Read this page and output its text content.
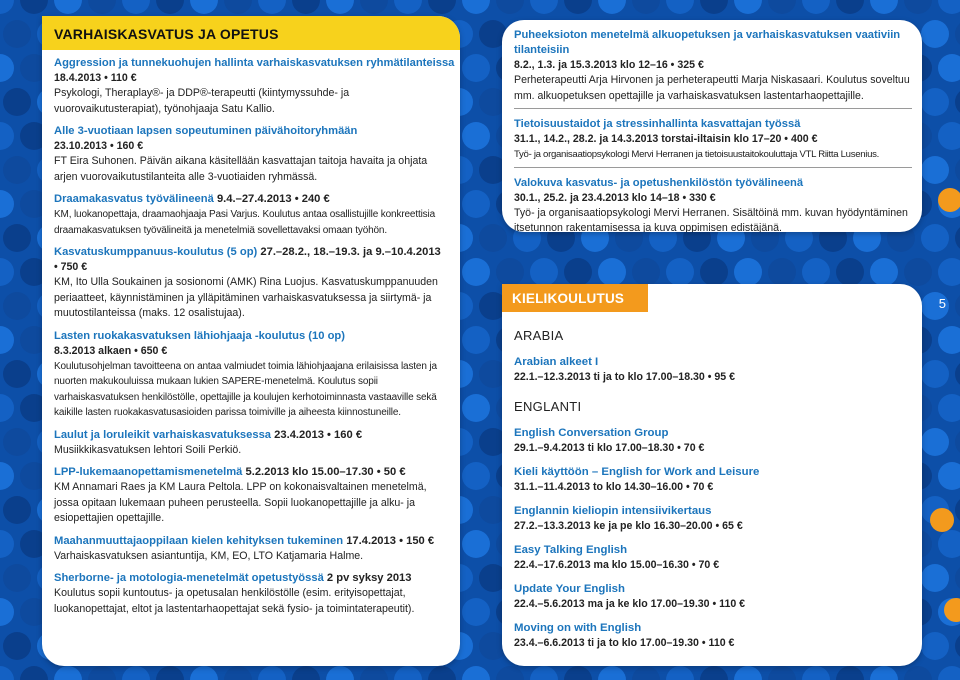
VARHAISKASVATUS JA OPETUS
Aggression ja tunnekuohujen hallinta varhaiskasvatuksen ryhmätilanteissa
18.4.2013 • 110 €
Psykologi, Theraplay®- ja DDP®-terapeutti (kiintymyssuhde- ja vuorovaikutusterapiat), työnohjaaja Satu Kallio.
Alle 3-vuotiaan lapsen sopeutuminen päivähoitoryhmään
23.10.2013 • 160 €
FT Eira Suhonen. Päivän aikana käsitellään kasvattajan taitoja havaita ja ohjata arjen vuorovaikutustilanteita alle 3-vuotiaiden ryhmässä.
Draamakasvatus työvälineenä 9.4.–27.4.2013 • 240 €
KM, luokanopettaja, draamaohjaaja Pasi Varjus. Koulutus antaa osallistujille konkreettisia draamakasvatuksen työvälineitä ja menetelmiä sovellettavaksi omaan työhön.
Kasvatuskumppanuus-koulutus (5 op) 27.–28.2., 18.–19.3. ja 9.–10.4.2013
• 750 €
KM, Ito Ulla Soukainen ja sosionomi (AMK) Rina Luojus. Kasvatuskumppanuuden periaatteet, käynnistäminen ja ylläpitäminen varhaiskasvatuksessa ja siirtymä- ja muutostilanteissa (maks. 12 osalistujaa).
Lasten ruokakasvatuksen lähiohjaaja -koulutus (10 op)
8.3.2013 alkaen • 650 €
Koulutusohjelman tavoitteena on antaa valmiudet toimia lähiohjaajana erilaisissa lasten ja nuorten makukouluissa mukaan lukien SAPERE-menetelmä. Koulutus sopii varhaiskasvatuksen henkilöstölle, opettajille ja koulujen kerhotoiminnasta vastaaville sekä kaikille lasten ruokakasvatusasioiden parissa toimiville ja aiheesta kiinnostuneille.
Laulut ja loruleikit varhaiskasvatuksessa 23.4.2013 • 160 €
Musiikkikasvatuksen lehtori Soili Perkiö.
LPP-lukemaanopettamismenetelmä 5.2.2013 klo 15.00–17.30 • 50 €
KM Annamari Raes ja KM Laura Peltola. LPP on kokonaisvaltainen menetelmä, jossa opitaan lukemaan puheen perusteella. Sopii luokanopettajille ja alku- ja esiopettajien opettajille.
Maahanmuuttajaoppilaan kielen kehityksen tukeminen 17.4.2013 • 150 €
Varhaiskasvatuksen asiantuntija, KM, EO, LTO Katjamaria Halme.
Sherborne- ja motologia-menetelmät opetustyössä 2 pv syksy 2013
Koulutus sopii kuntoutus- ja opetusalan henkilöstölle (esim. erityisopettajat, luokanopettajat, eltot ja lastentarhaopettajat sekä fysio- ja toimintaterapeutit).
Puheeksioton menetelmä alkuopetuksen ja varhaiskasvatuksen vaativiin tilanteisiin
8.2., 1.3. ja 15.3.2013 klo 12–16 • 325 €
Perheterapeutti Arja Hirvonen ja perheterapeutti Marja Niskasaari. Koulutus soveltuu mm. alkuopetuksen opettajille ja varhaiskasvatuksen lastentarhaopettajille.
Tietoisuustaidot ja stressinhallinta kasvattajan työssä
31.1., 14.2., 28.2. ja 14.3.2013 torstai-iltaisin klo 17–20 • 400 €
Työ- ja organisaatiopsykologi Mervi Herranen ja tietoisuustaitokouluttaja VTL Riitta Lusenius.
Valokuva kasvatus- ja opetushenkilöstön työvälineenä
30.1., 25.2. ja 23.4.2013 klo 14–18 • 330 €
Työ- ja organisaatiopsykologi Mervi Herranen. Sisältöinä mm. kuvan hyödyntäminen itsetunnon rakentamisessa ja kuva oppimisen edistäjänä.
KIELIKOULUTUS
ARABIA
Arabian alkeet I
22.1.–12.3.2013 ti ja to klo 17.00–18.30 • 95 €
ENGLANTI
English Conversation Group
29.1.–9.4.2013 ti klo 17.00–18.30 • 70 €
Kieli käyttöön – English for Work and Leisure
31.1.–11.4.2013 to klo 14.30–16.00 • 70 €
Englannin kieliopin intensiivikertaus
27.2.–13.3.2013 ke ja pe klo 16.30–20.00 • 65 €
Easy Talking English
22.4.–17.6.2013 ma klo 15.00–16.30 • 70 €
Update Your English
22.4.–5.6.2013 ma ja ke klo 17.00–19.30 • 110 €
Moving on with English
23.4.–6.6.2013 ti ja to klo 17.00–19.30 • 110 €
5
